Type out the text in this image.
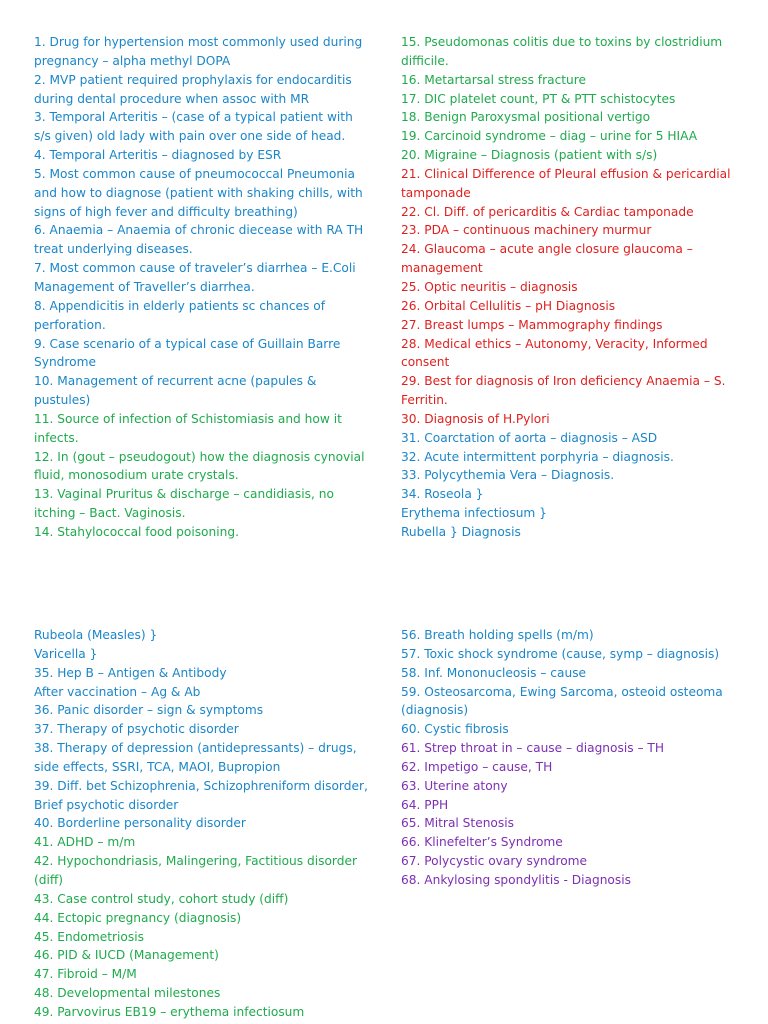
1. Drug for hypertension most commonly used during
pregnancy – alpha methyl DOPA
2. MVP patient required prophylaxis for endocarditis
during dental procedure when assoc with MR
3. Temporal Arteritis – (case of a typical patient with
s/s given) old lady with pain over one side of head.
4. Temporal Arteritis – diagnosed by ESR
5. Most common cause of pneumococcal Pneumonia
and how to diagnose (patient with shaking chills, with
signs of high fever and difficulty breathing)
6. Anaemia – Anaemia of chronic diecease with RA TH
treat underlying diseases.
7. Most common cause of traveler’s diarrhea – E.Coli
Management of Traveller’s diarrhea.
8. Appendicitis in elderly patients sc chances of
perforation.
9. Case scenario of a typical case of Guillain Barre
Syndrome
10. Management of recurrent acne (papules &
pustules)
11. Source of infection of Schistomiasis and how it
infects.
12. In (gout – pseudogout) how the diagnosis cynovial
fluid, monosodium urate crystals.
13. Vaginal Pruritus & discharge – candidiasis, no
itching – Bact. Vaginosis.
14. Stahylococcal food poisoning.
15. Pseudomonas colitis due to toxins by clostridium
difficile.
16. Metartarsal stress fracture
17. DIC platelet count, PT & PTT schistocytes
18. Benign Paroxysmal positional vertigo
19. Carcinoid syndrome – diag – urine for 5 HIAA
20. Migraine – Diagnosis (patient with s/s)
21. Clinical Difference of Pleural effusion & pericardial
tamponade
22. Cl. Diff. of pericarditis & Cardiac tamponade
23. PDA – continuous machinery murmur
24. Glaucoma – acute angle closure glaucoma –
management
25. Optic neuritis – diagnosis
26. Orbital Cellulitis – pH Diagnosis
27. Breast lumps – Mammography findings
28. Medical ethics – Autonomy, Veracity, Informed
consent
29. Best for diagnosis of Iron deficiency Anaemia – S.
Ferritin.
30. Diagnosis of H.Pylori
31. Coarctation of aorta – diagnosis – ASD
32. Acute intermittent porphyria – diagnosis.
33. Polycythemia Vera – Diagnosis.
34. Roseola }
Erythema infectiosum }
Rubella } Diagnosis
Rubeola (Measles) }
Varicella }
35. Hep B – Antigen & Antibody
After vaccination – Ag & Ab
36. Panic disorder – sign & symptoms
37. Therapy of psychotic disorder
38. Therapy of depression (antidepressants) – drugs,
side effects, SSRI, TCA, MAOI, Bupropion
39. Diff. bet Schizophrenia, Schizophreniform disorder,
Brief psychotic disorder
40. Borderline personality disorder
41. ADHD – m/m
42. Hypochondriasis, Malingering, Factitious disorder
(diff)
43. Case control study, cohort study (diff)
44. Ectopic pregnancy (diagnosis)
45. Endometriosis
46. PID & IUCD (Management)
47. Fibroid – M/M
48. Developmental milestones
49. Parvovirus EB19 – erythema infectiosum
56. Breath holding spells (m/m)
57. Toxic shock syndrome (cause, symp – diagnosis)
58. Inf. Mononucleosis – cause
59. Osteosarcoma, Ewing Sarcoma, osteoid osteoma
(diagnosis)
60. Cystic fibrosis
61. Strep throat in – cause – diagnosis – TH
62. Impetigo – cause, TH
63. Uterine atony
64. PPH
65. Mitral Stenosis
66. Klinefelter’s Syndrome
67. Polycystic ovary syndrome
68. Ankylosing spondylitis - Diagnosis
